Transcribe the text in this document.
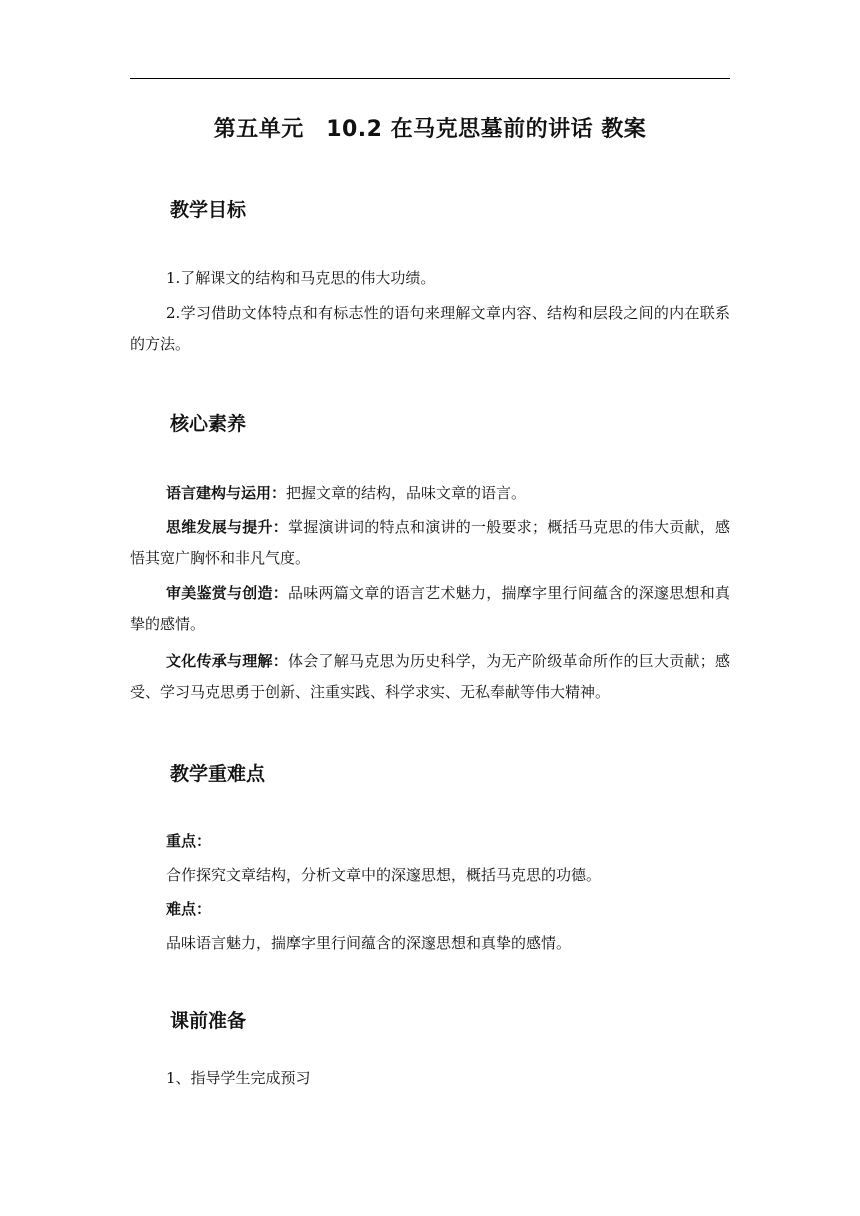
第五单元　10.2 在马克思墓前的讲话 教案
教学目标

1.了解课文的结构和马克思的伟大功绩。

2.学习借助文体特点和有标志性的语句来理解文章内容、结构和层段之间的内在联系的方法。

核心素养

语言建构与运用：把握文章的结构，品味文章的语言。

思维发展与提升：掌握演讲词的特点和演讲的一般要求；概括马克思的伟大贡献，感悟其宽广胸怀和非凡气度。

审美鉴赏与创造：品味两篇文章的语言艺术魅力，揣摩字里行间蕴含的深邃思想和真挚的感情。

文化传承与理解：体会了解马克思为历史科学，为无产阶级革命所作的巨大贡献；感受、学习马克思勇于创新、注重实践、科学求实、无私奉献等伟大精神。

教学重难点

重点：

合作探究文章结构，分析文章中的深邃思想，概括马克思的功德。

难点：

品味语言魅力，揣摩字里行间蕴含的深邃思想和真挚的感情。

课前准备

1、指导学生完成预习
